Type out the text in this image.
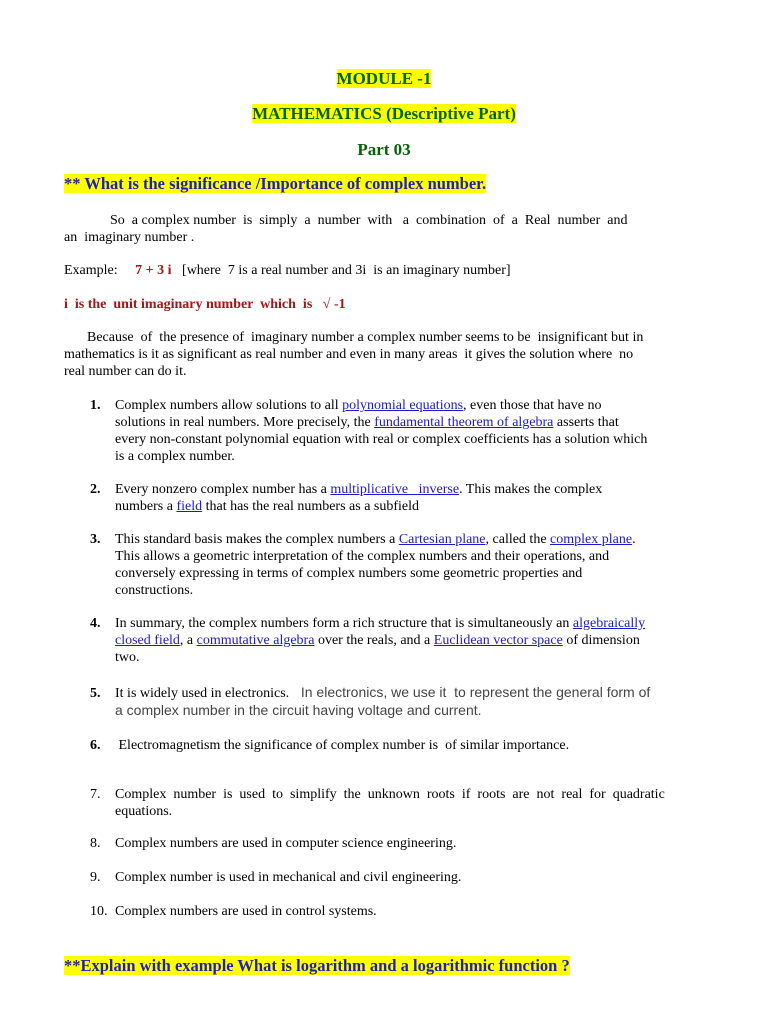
MODULE -1
MATHEMATICS (Descriptive Part)
Part 03
** What is the significance /Importance of complex number.
So  a complex number  is  simply  a  number  with   a  combination  of  a  Real  number  and
an  imaginary number .
Example: 7 + 3 i [where  7 is a real number and 3i  is an imaginary number]
i  is the  unit imaginary number  which  is   √ -1
Because  of  the presence of  imaginary number a complex number seems to be  insignificant but in
mathematics is it as significant as real number and even in many areas  it gives the solution where  no
real number can do it.
1.	Complex numbers allow solutions to all polynomial equations, even those that have no
solutions in real numbers. More precisely, the fundamental theorem of algebra asserts that
every non-constant polynomial equation with real or complex coefficients has a solution which
is a complex number.
2.	Every nonzero complex number has a multiplicative   inverse. This makes the complex
numbers a field that has the real numbers as a subfield
3.	This standard basis makes the complex numbers a Cartesian plane, called the complex plane.
This allows a geometric interpretation of the complex numbers and their operations, and
conversely expressing in terms of complex numbers some geometric properties and
constructions.
4.	In summary, the complex numbers form a rich structure that is simultaneously an algebraically
closed field, a commutative algebra over the reals, and a Euclidean vector space of dimension
two.
5.	It is widely used in electronics.   In electronics, we use it  to represent the general form of
a complex number in the circuit having voltage and current.
6.	Electromagnetism the significance of complex number is  of similar importance.
7.	Complex  number  is  used  to  simplify  the  unknown  roots  if  roots  are  not  real  for  quadratic
equations.
8.	Complex numbers are used in computer science engineering.
9.	Complex number is used in mechanical and civil engineering.
10. Complex numbers are used in control systems.
**Explain with example What is logarithm and a logarithmic function ?
